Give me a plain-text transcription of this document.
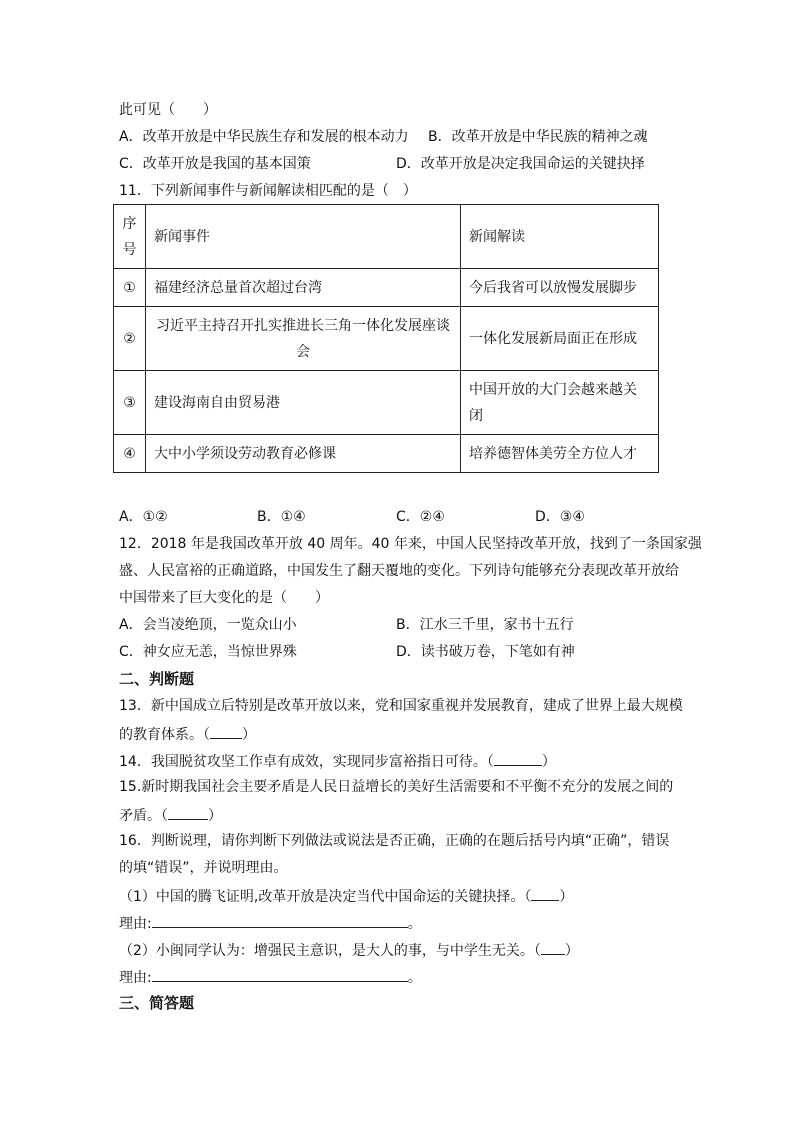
此可见（　　）
A．改革开放是中华民族生存和发展的根本动力 B．改革开放是中华民族的精神之魂
C．改革开放是我国的基本国策	D．改革开放是决定我国命运的关键抉择
11．下列新闻事件与新闻解读相匹配的是（　）
序号	新闻事件	新闻解读
①	福建经济总量首次超过台湾	今后我省可以放慢发展脚步
②	习近平主持召开扎实推进长三角一体化发展座谈会	一体化发展新局面正在形成
③	建设海南自由贸易港	中国开放的大门会越来越关闭
④	大中小学须设劳动教育必修课	培养德智体美劳全方位人才
A．①②	B．①④	C．②④	D．③④
12．2018 年是我国改革开放 40 周年。40 年来，中国人民坚持改革开放，找到了一条国家强
盛、人民富裕的正确道路，中国发生了翻天覆地的变化。下列诗句能够充分表现改革开放给
中国带来了巨大变化的是（　　）
A．会当凌绝顶，一览众山小	B．江水三千里，家书十五行
C．神女应无恙，当惊世界殊	D．读书破万卷，下笔如有神
二、判断题
13．新中国成立后特别是改革开放以来，党和国家重视并发展教育，建成了世界上最大规模
的教育体系。（ ）
14．我国脱贫攻坚工作卓有成效，实现同步富裕指日可待。（	）
15.新时期我国社会主要矛盾是人民日益增长的美好生活需要和不平衡不充分的发展之间的
矛盾。（	）
16．判断说理，请你判断下列做法或说法是否正确，正确的在题后括号内填“正确”，错误
的填“错误”，并说明理由。
（1）中国的腾飞证明,改革开放是决定当代中国命运的关键抉择。（ ）
理由:	。
（2）小闽同学认为：增强民主意识，是大人的事，与中学生无关。（ ）
理由:	。
三、简答题
